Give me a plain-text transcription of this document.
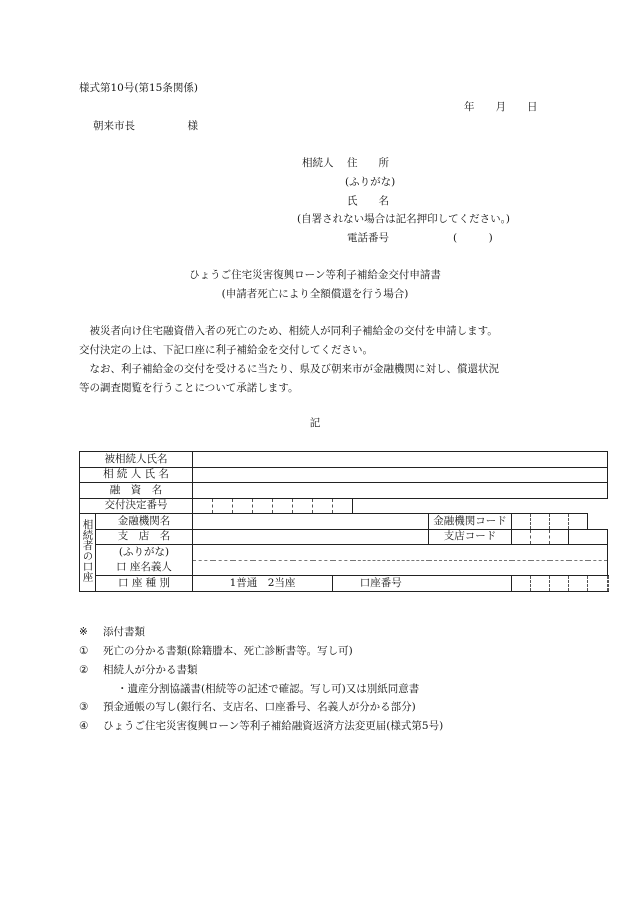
様式第10号(第15条関係)
年　　月　　日
朝来市長　　　　　様
相続人 住　　所
(ふりがな)
氏　　名
(自署されない場合は記名押印してください。)
電話番号	(　　　)
ひょうご住宅災害復興ローン等利子補給金交付申請書
(申請者死亡により全額償還を行う場合)
　被災者向け住宅融資借入者の死亡のため、相続人が同利子補給金の交付を申請します。
交付決定の上は、下記口座に利子補給金を交付してください。
　なお、利子補給金の交付を受けるに当たり、県及び朝来市が金融機関に対し、償還状況
等の調査閲覧を行うことについて承諾します。
記
被相続人氏名																	
相 続 人 氏 名																	
融　資　名																	
交付決定番号																	
相続者の口座	金融機関名										金融機関コード						
	支　店　名										支店コード						
	(ふりがな)																
	口 座名義人																
	口 座 種 別	1普通　2当座							口座番号								
※ 添付書類
① 死亡の分かる書類(除籍謄本、死亡診断書等。写し可)
② 相続人が分かる書類
・遺産分割協議書(相続等の記述で確認。写し可)又は別紙同意書
③ 預金通帳の写し(銀行名、支店名、口座番号、名義人が分かる部分)
④ ひょうご住宅災害復興ローン等利子補給融資返済方法変更届(様式第5号)
